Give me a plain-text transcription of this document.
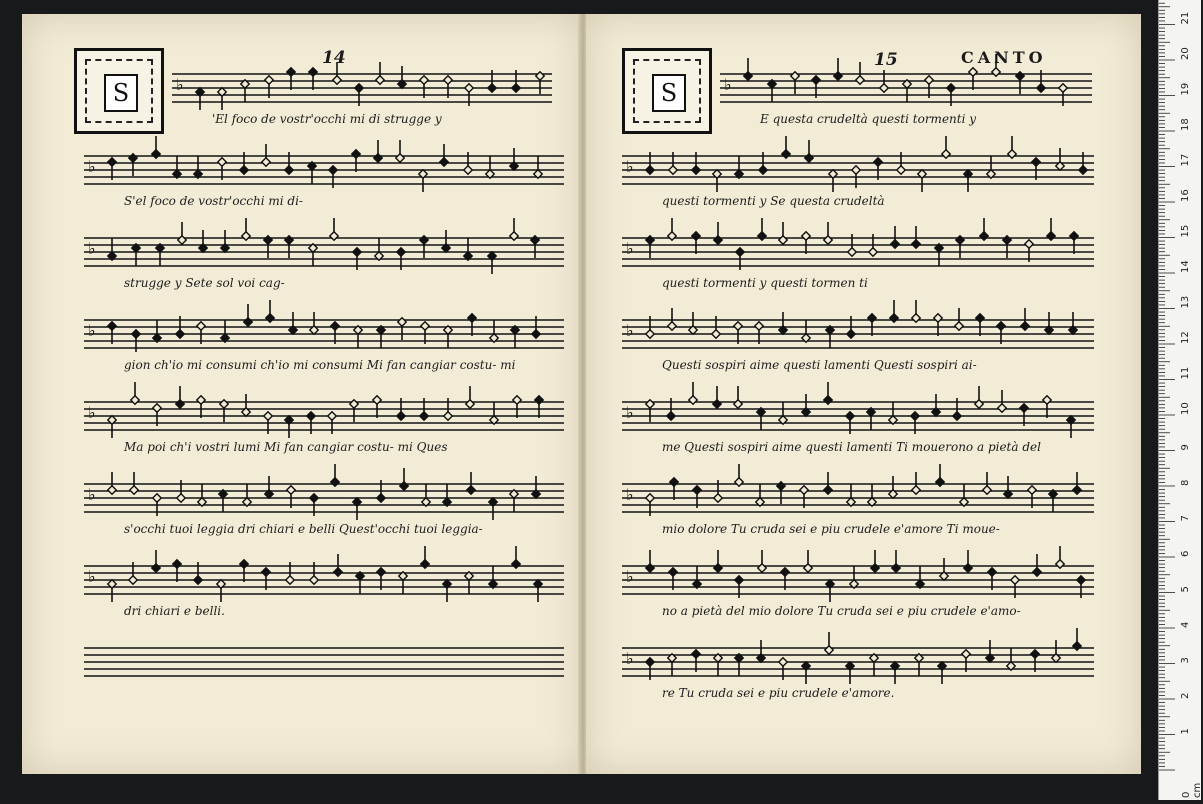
14
S	♭
♭
♭
♭
♭
♭
♭
'El foco de vostr'occhi mi di strugge y
S'el foco de vostr'occhi mi di-
strugge y Sete sol voi cag-
gion ch'io mi consumi ch'io mi consumi Mi fan cangiar costu- mi
Ma poi ch'i vostri lumi Mi fan cangiar costu- mi Ques
s'occhi tuoi leggia dri chiari e belli Quest'occhi tuoi leggia-
dri chiari e belli.
15	CANTO
S	♭
♭
♭
♭
♭
♭
♭
♭
E questa crudeltà questi tormenti y
questi tormenti y Se questa crudeltà
questi tormenti y questi tormen ti
Questi sospiri aime questi lamenti Questi sospiri ai-
me Questi sospiri aime questi lamenti Ti mouerono a pietà del
mio dolore Tu cruda sei e piu crudele e'amore Ti moue-
no a pietà del mio dolore Tu cruda sei e piu crudele e'amo-
re Tu cruda sei e piu crudele e'amore.
1
2
3
4
5
6
7
8
9
10
11
12
13
14
15
16
17
18
19
20
21
0 cm
